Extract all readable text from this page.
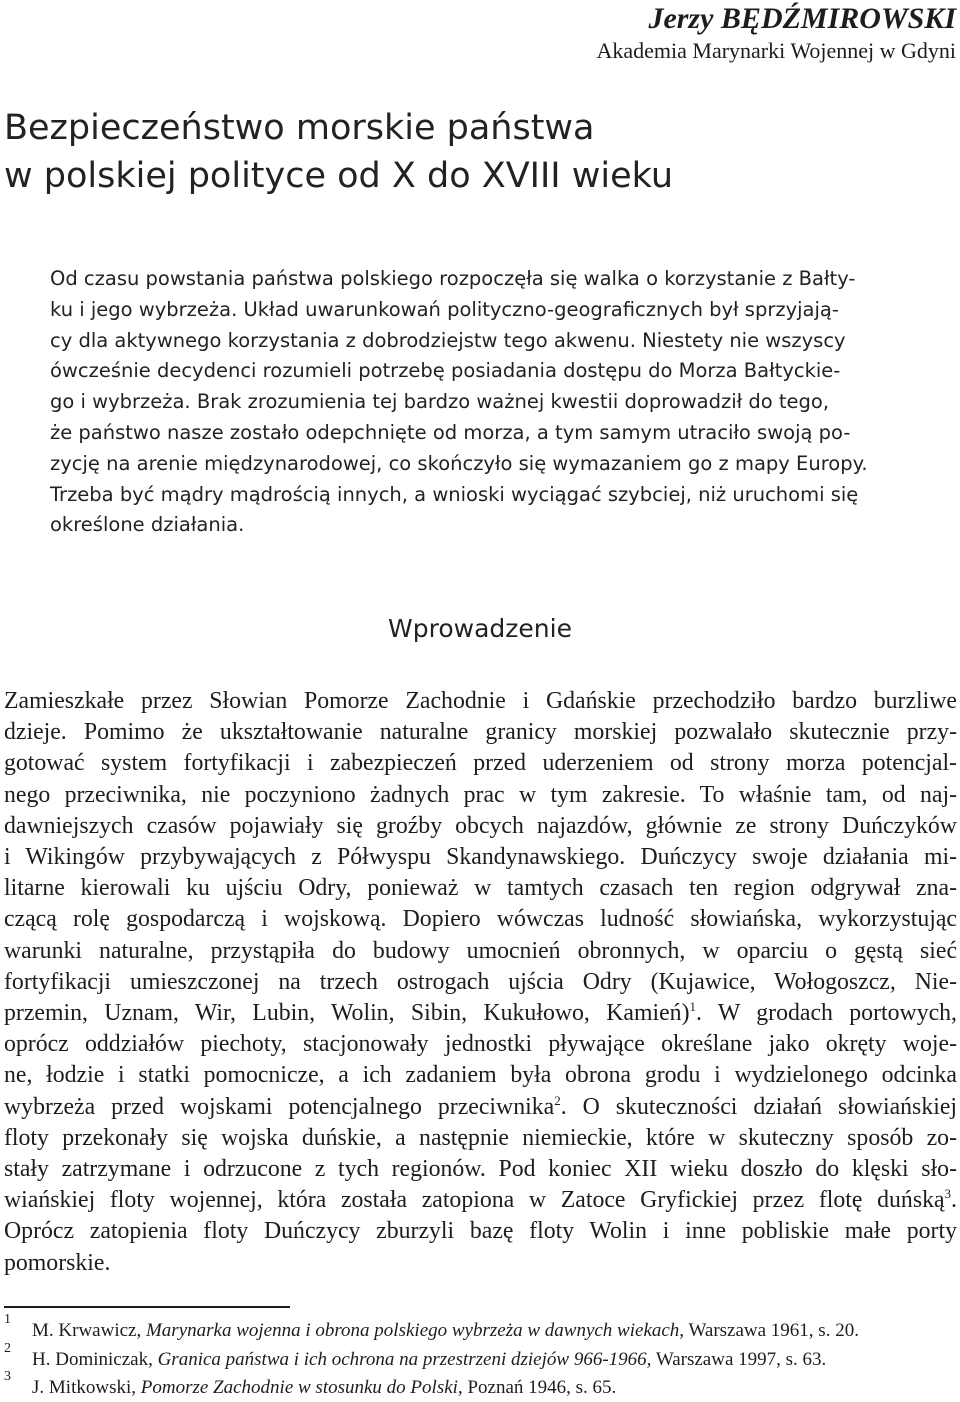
Jerzy BĘDŹMIROWSKI
Akademia Marynarki Wojennej w Gdyni
Bezpieczeństwo morskie państwa
w polskiej polityce od X do XVIII wieku
Od czasu powstania państwa polskiego rozpoczęła się walka o korzystanie z Bałty-
ku i jego wybrzeża. Układ uwarunkowań polityczno-geograficznych był sprzyjają-
cy dla aktywnego korzystania z dobrodziejstw tego akwenu. Niestety nie wszyscy
ówcześnie decydenci rozumieli potrzebę posiadania dostępu do Morza Bałtyckie-
go i wybrzeża. Brak zrozumienia tej bardzo ważnej kwestii doprowadził do tego,
że państwo nasze zostało odepchnięte od morza, a tym samym utraciło swoją po-
zycję na arenie międzynarodowej, co skończyło się wymazaniem go z mapy Europy.
Trzeba być mądry mądrością innych, a wnioski wyciągać szybciej, niż uruchomi się
określone działania.
Wprowadzenie
Zamieszkałe przez Słowian Pomorze Zachodnie i Gdańskie przechodziło bardzo burzliwe
dzieje. Pomimo że ukształtowanie naturalne granicy morskiej pozwalało skutecznie przy-
gotować system fortyfikacji i zabezpieczeń przed uderzeniem od strony morza potencjal-
nego przeciwnika, nie poczyniono żadnych prac w tym zakresie. To właśnie tam, od naj-
dawniejszych czasów pojawiały się groźby obcych najazdów, głównie ze strony Duńczyków
i Wikingów przybywających z Półwyspu Skandynawskiego. Duńczycy swoje działania mi-
litarne kierowali ku ujściu Odry, ponieważ w tamtych czasach ten region odgrywał zna-
czącą rolę gospodarczą i wojskową. Dopiero wówczas ludność słowiańska, wykorzystując
warunki naturalne, przystąpiła do budowy umocnień obronnych, w oparciu o gęstą sieć
fortyfikacji umieszczonej na trzech ostrogach ujścia Odry (Kujawice, Wołogoszcz, Nie-
przemin, Uznam, Wir, Lubin, Wolin, Sibin, Kukułowo, Kamień)$^1$. W grodach portowych,
oprócz oddziałów piechoty, stacjonowały jednostki pływające określane jako okręty woje-
ne, łodzie i statki pomocnicze, a ich zadaniem była obrona grodu i wydzielonego odcinka
wybrzeża przed wojskami potencjalnego przeciwnika$^2$. O skuteczności działań słowiańskiej
floty przekonały się wojska duńskie, a następnie niemieckie, które w skuteczny sposób zo-
stały zatrzymane i odrzucone z tych regionów. Pod koniec XII wieku doszło do klęski sło-
wiańskiej floty wojennej, która została zatopiona w Zatoce Gryfickiej przez flotę duńską$^3$.
Oprócz zatopienia floty Duńczycy zburzyli bazę floty Wolin i inne pobliskie małe porty
pomorskie.
1
M. Krwawicz, Marynarka wojenna i obrona polskiego wybrzeża w dawnych wiekach, Warszawa 1961, s. 20.
2
H. Dominiczak, Granica państwa i ich ochrona na przestrzeni dziejów 966-1966, Warszawa 1997, s. 63.
3
J. Mitkowski, Pomorze Zachodnie w stosunku do Polski, Poznań 1946, s. 65.
